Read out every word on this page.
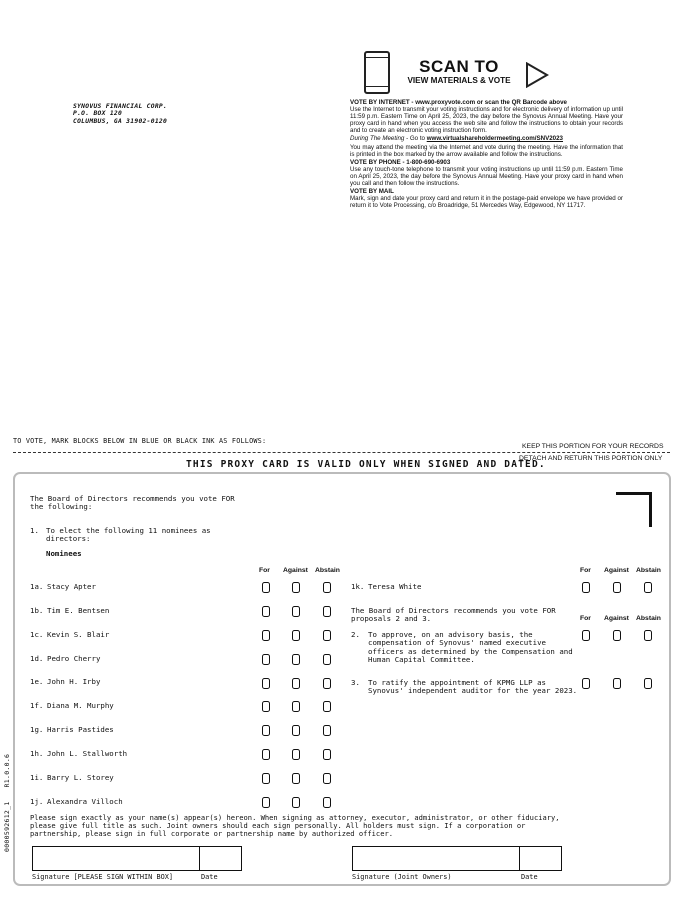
SYNOVUS FINANCIAL CORP.
P.O. BOX 120
COLUMBUS, GA 31902-0120
SCAN TO
VIEW MATERIALS & VOTE
VOTE BY INTERNET - www.proxyvote.com or scan the QR Barcode above

Use the Internet to transmit your voting instructions and for electronic delivery of information up until 11:59 p.m. Eastern Time on April 25, 2023, the day before the Synovus Annual Meeting. Have your proxy card in hand when you access the web site and follow the instructions to obtain your records and to create an electronic voting instruction form.

During The Meeting - Go to www.virtualshareholdermeeting.com/SNV2023

You may attend the meeting via the Internet and vote during the meeting. Have the information that is printed in the box marked by the arrow available and follow the instructions.

VOTE BY PHONE - 1-800-690-6903

Use any touch-tone telephone to transmit your voting instructions up until 11:59 p.m. Eastern Time on April 25, 2023, the day before the Synovus Annual Meeting. Have your proxy card in hand when you call and then follow the instructions.

VOTE BY MAIL

Mark, sign and date your proxy card and return it in the postage-paid envelope we have provided or return it to Vote Processing, c/o Broadridge, 51 Mercedes Way, Edgewood, NY 11717.

TO VOTE, MARK BLOCKS BELOW IN BLUE OR BLACK INK AS FOLLOWS:
KEEP THIS PORTION FOR YOUR RECORDS
THIS PROXY CARD IS VALID ONLY WHEN SIGNED AND DATED.
DETACH AND RETURN THIS PORTION ONLY
The Board of Directors recommends you vote FOR
the following:
1. To elect the following 11 nominees as
directors:
Nominees
For Against Abstain	For Against Abstain
1a. Stacy Apter
1b. Tim E. Bentsen
1c. Kevin S. Blair
1d. Pedro Cherry
1e. John H. Irby
1f. Diana M. Murphy
1g. Harris Pastides
1h. John L. Stallworth
1i. Barry L. Storey
1j. Alexandra Villoch
1k. Teresa White
The Board of Directors recommends you vote FOR
proposals 2 and 3.	For Against Abstain
2. To approve, on an advisory basis, the
compensation of Synovus' named executive
officers as determined by the Compensation and
Human Capital Committee.
3. To ratify the appointment of KPMG LLP as
Synovus' independent auditor for the year 2023.
Please sign exactly as your name(s) appear(s) hereon. When signing as attorney, executor, administrator, or other fiduciary,
please give full title as such. Joint owners should each sign personally. All holders must sign. If a corporation or
partnership, please sign in full corporate or partnership name by authorized officer.
Signature [PLEASE SIGN WITHIN BOX]	Date	Signature (Joint Owners)	Date
0000592612_1R1.0.0.6
